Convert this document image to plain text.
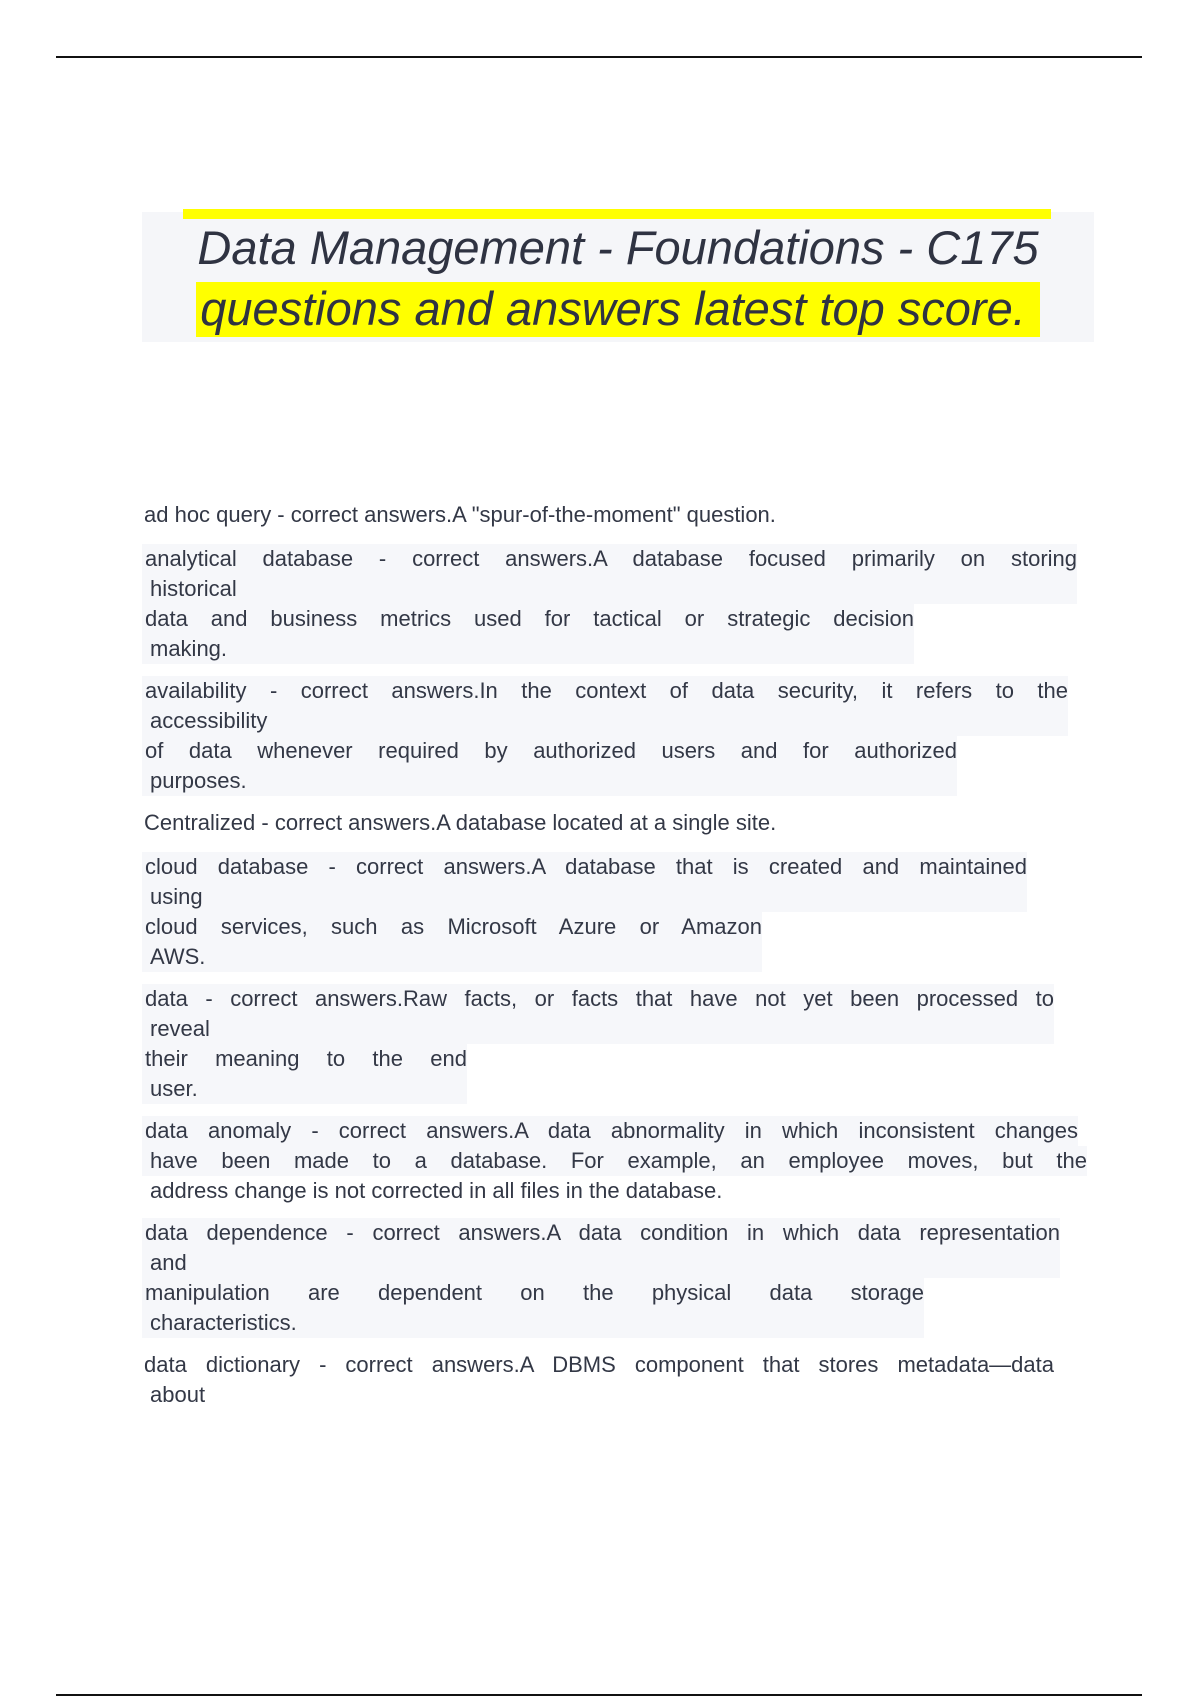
Data Management - Foundations - C175
questions and answers latest top score.
ad hoc query - correct answers.A "spur-of-the-moment" question.
analytical database - correct answers.A database focused primarily on storing
historical
data and business metrics used for tactical or strategic decision
making.
availability - correct answers.In the context of data security, it refers to the
accessibility
of data whenever required by authorized users and for authorized
purposes.
Centralized - correct answers.A database located at a single site.
cloud database - correct answers.A database that is created and maintained
using
cloud services, such as Microsoft Azure or Amazon
AWS.
data - correct answers.Raw facts, or facts that have not yet been processed to
reveal
their meaning to the end
user.
data anomaly - correct answers.A data abnormality in which inconsistent changes
have been made to a database. For example, an employee moves, but the
address change is not corrected in all files in the database.
data dependence - correct answers.A data condition in which data representation
and
manipulation are dependent on the physical data storage
characteristics.
data dictionary - correct answers.A DBMS component that stores metadata—data
about
